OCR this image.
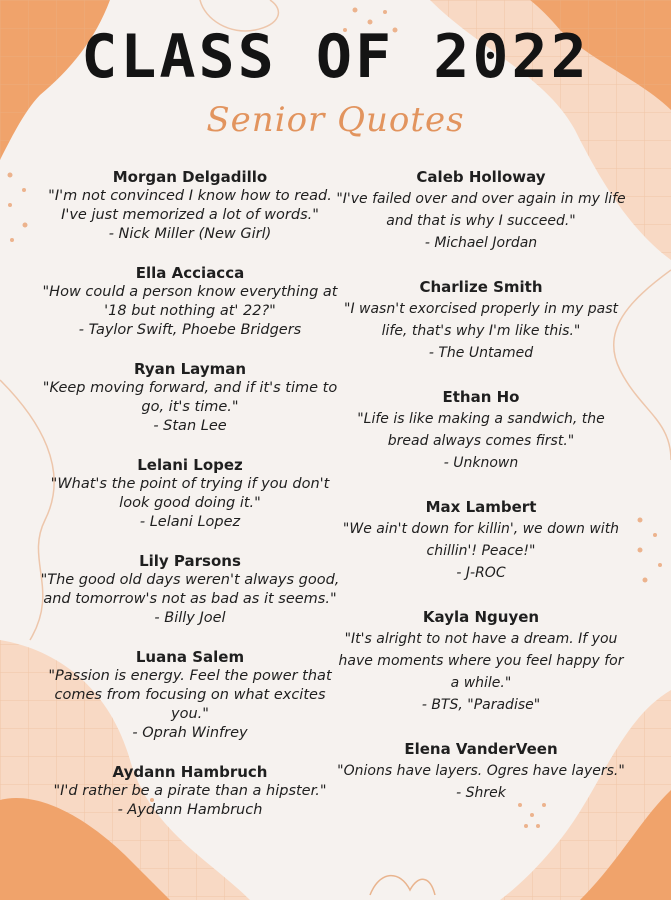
CLASS OF 2022
Senior Quotes
Morgan Delgadillo
"I'm not convinced I know how to read. I've just memorized a lot of words."
- Nick Miller (New Girl)
Ella Acciacca
"How could a person know everything at '18 but nothing at' 22?"
- Taylor Swift, Phoebe Bridgers
Ryan Layman
"Keep moving forward, and if it's time to go, it's time."
- Stan Lee
Lelani Lopez
"What's the point of trying if you don't look good doing it."
- Lelani Lopez
Lily Parsons
"The good old days weren't always good, and tomorrow's not as bad as it seems."
- Billy Joel
Luana Salem
"Passion is energy. Feel the power that comes from focusing on what excites you."
- Oprah Winfrey
Aydann Hambruch
"I'd rather be a pirate than a hipster."
- Aydann Hambruch
Caleb Holloway
"I've failed over and over again in my life and that is why I succeed."
- Michael Jordan
Charlize Smith
"I wasn't exorcised properly in my past life, that's why I'm like this."
- The Untamed
Ethan Ho
"Life is like making a sandwich, the bread always comes first."
- Unknown
Max Lambert
"We ain't down for killin', we down with chillin'! Peace!"
- J-ROC
Kayla Nguyen
"It's alright to not have a dream. If you have moments where you feel happy for a while."
- BTS, "Paradise"
Elena VanderVeen
"Onions have layers. Ogres have layers."
- Shrek
